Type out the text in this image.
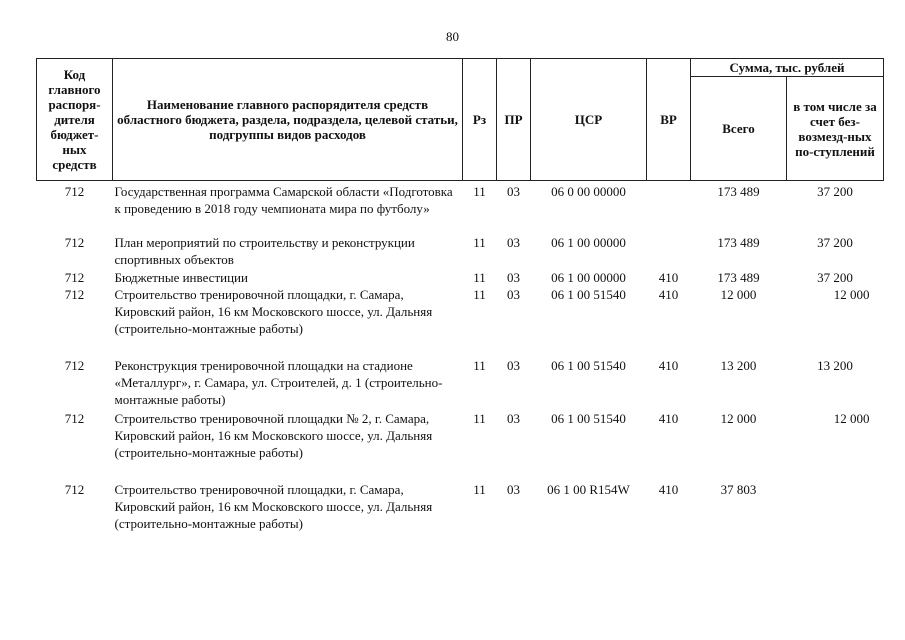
80
Код главного распоря-дителя бюджет-ных средств	Наименование главного распорядителя средств областного бюджета, раздела, подраздела, целевой статьи, подгруппы видов расходов	Рз	ПР	ЦСР	ВР	Сумма, тыс. рублей	
						Всего	в том числе за счет без-возмезд-ных по-ступлений
712	Государственная программа Самарской области «Подготовка к проведению в 2018 году чемпионата мира по футболу»	11	03	06 0 00 00000		173 489	37 200
712	План мероприятий по строительству и реконструкции спортивных объектов	11	03	06 1 00 00000		173 489	37 200
712	Бюджетные инвестиции	11	03	06 1 00 00000	410	173 489	37 200
712	Строительство тренировочной площадки, г. Самара, Кировский район, 16 км Московского шоссе, ул. Дальняя (строительно-монтажные работы)	11	03	06 1 00 51540	410	12 000	12 000
712	Реконструкция тренировочной площадки на стадионе «Металлург», г. Самара, ул. Строителей, д. 1 (строительно-монтажные работы)	11	03	06 1 00 51540	410	13 200	13 200
712	Строительство тренировочной площадки № 2, г. Самара, Кировский район, 16 км Московского шоссе, ул. Дальняя (строительно-монтажные работы)	11	03	06 1 00 51540	410	12 000	12 000
712	Строительство тренировочной площадки, г. Самара, Кировский район, 16 км Московского шоссе, ул. Дальняя (строительно-монтажные работы)	11	03	06 1 00 R154W	410	37 803	
